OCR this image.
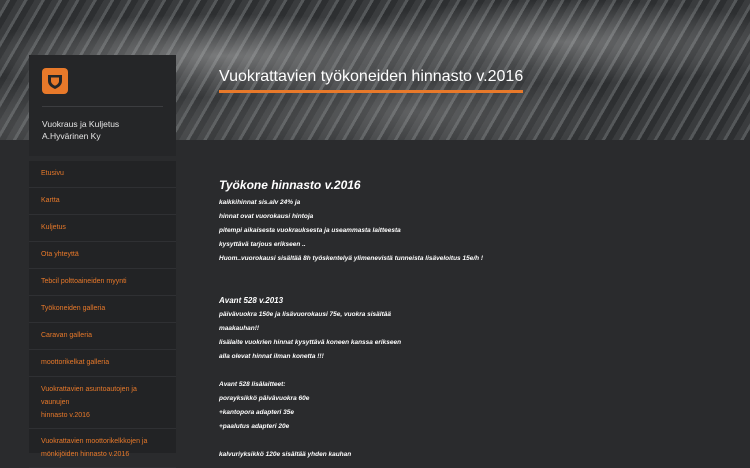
Vuokrattavien työkoneiden hinnasto v.2016
Vuokraus ja Kuljetus
A.Hyvärinen Ky
Etusivu
Kartta
Kuljetus
Ota yhteyttä
Tebcil polttoaineiden myynti
Työkoneiden galleria
Caravan galleria
moottorikelkat galleria
Vuokrattavien asuntoautojen ja vaunujen
hinnasto v.2016
Vuokrattavien moottorikelkkojen ja
mönkijöiden hinnasto v.2016
Työkone hinnasto v.2016
kaikkihinnat sis.alv 24% ja
hinnat ovat vuorokausi hintoja
pitempi aikaisesta vuokrauksesta ja useammasta laitteesta
kysyttävä tarjous erikseen ..
Huom..vuorokausi sisältää 8h työskentelyä ylimenevistä tunneista lisäveloitus 15e/h !
Avant 528 v.2013
päivävuokra 150e ja lisävuorokausi 75e, vuokra sisältää
maakauhan!!
lisälaite vuokrien hinnat kysyttävä koneen kanssa erikseen
alla olevat hinnat ilman konetta !!!
Avant 528 lisälaitteet:
porayksikkö päivävuokra 60e
+kantopora adapteri 35e
+paalutus adapteri 20e
kalvuriyksikkö 120e sisältää yhden kauhan
